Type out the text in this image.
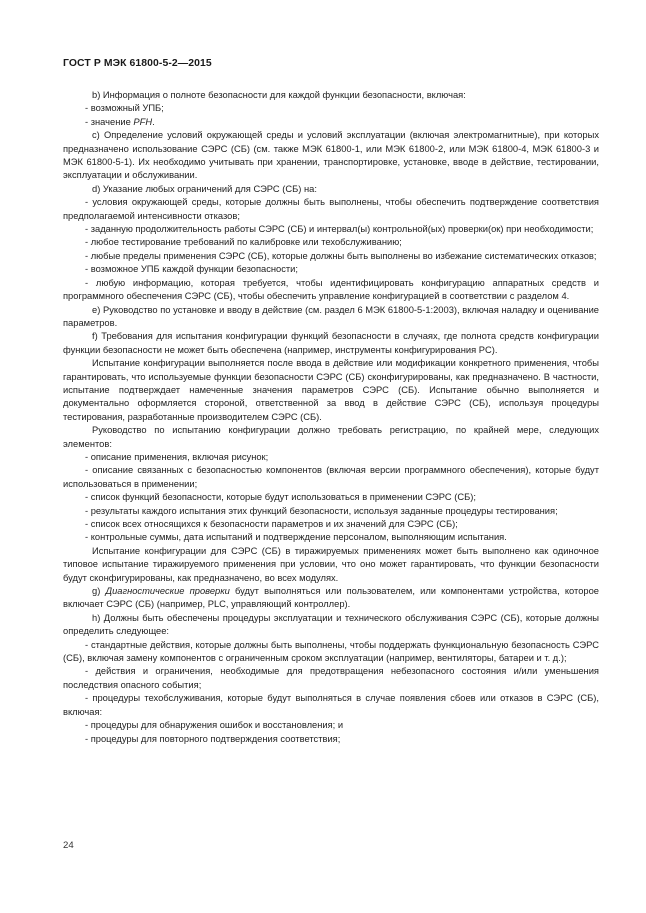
ГОСТ Р МЭК 61800-5-2—2015

b) Информация о полноте безопасности для каждой функции безопасности, включая:

- возможный УПБ;

- значение PFH.

c) Определение условий окружающей среды и условий эксплуатации (включая электромагнитные), при которых предназначено использование СЭРС (СБ) (см. также МЭК 61800-1, или МЭК 61800-2, или МЭК 61800-4, МЭК 61800-3 и МЭК 61800-5-1). Их необходимо учитывать при хранении, транспортировке, установке, вводе в действие, тестировании, эксплуатации и обслуживании.

d) Указание любых ограничений для СЭРС (СБ) на:

- условия окружающей среды, которые должны быть выполнены, чтобы обеспечить подтверждение соответствия предполагаемой интенсивности отказов;

- заданную продолжительность работы СЭРС (СБ) и интервал(ы) контрольной(ых) проверки(ок) при необходимости;

- любое тестирование требований по калибровке или техобслуживанию;

- любые пределы применения СЭРС (СБ), которые должны быть выполнены во избежание систематических отказов;

- возможное УПБ каждой функции безопасности;

- любую информацию, которая требуется, чтобы идентифицировать конфигурацию аппаратных средств и программного обеспечения СЭРС (СБ), чтобы обеспечить управление конфигурацией в соответствии с разделом 4.

e) Руководство по установке и вводу в действие (см. раздел 6 МЭК 61800-5-1:2003), включая наладку и оценивание параметров.

f) Требования для испытания конфигурации функций безопасности в случаях, где полнота средств конфигурации функции безопасности не может быть обеспечена (например, инструменты конфигурирования PC).

Испытание конфигурации выполняется после ввода в действие или модификации конкретного применения, чтобы гарантировать, что используемые функции безопасности СЭРС (СБ) сконфигурированы, как предназначено. В частности, испытание подтверждает намеченные значения параметров СЭРС (СБ). Испытание обычно выполняется и документально оформляется стороной, ответственной за ввод в действие СЭРС (СБ), используя процедуры тестирования, разработанные производителем СЭРС (СБ).

Руководство по испытанию конфигурации должно требовать регистрацию, по крайней мере, следующих элементов:

- описание применения, включая рисунок;

- описание связанных с безопасностью компонентов (включая версии программного обеспечения), которые будут использоваться в применении;

- список функций безопасности, которые будут использоваться в применении СЭРС (СБ);

- результаты каждого испытания этих функций безопасности, используя заданные процедуры тестирования;

- список всех относящихся к безопасности параметров и их значений для СЭРС (СБ);

- контрольные суммы, дата испытаний и подтверждение персоналом, выполняющим испытания.

Испытание конфигурации для СЭРС (СБ) в тиражируемых применениях может быть выполнено как одиночное типовое испытание тиражируемого применения при условии, что оно может гарантировать, что функции безопасности будут сконфигурированы, как предназначено, во всех модулях.

g) Диагностические проверки будут выполняться или пользователем, или компонентами устройства, которое включает СЭРС (СБ) (например, PLC, управляющий контроллер).

h) Должны быть обеспечены процедуры эксплуатации и технического обслуживания СЭРС (СБ), которые должны определить следующее:

- стандартные действия, которые должны быть выполнены, чтобы поддержать функциональную безопасность СЭРС (СБ), включая замену компонентов с ограниченным сроком эксплуатации (например, вентиляторы, батареи и т. д.);

- действия и ограничения, необходимые для предотвращения небезопасного состояния и/или уменьшения последствия опасного события;

- процедуры техобслуживания, которые будут выполняться в случае появления сбоев или отказов в СЭРС (СБ), включая:

- процедуры для обнаружения ошибок и восстановления; и

- процедуры для повторного подтверждения соответствия;

24
